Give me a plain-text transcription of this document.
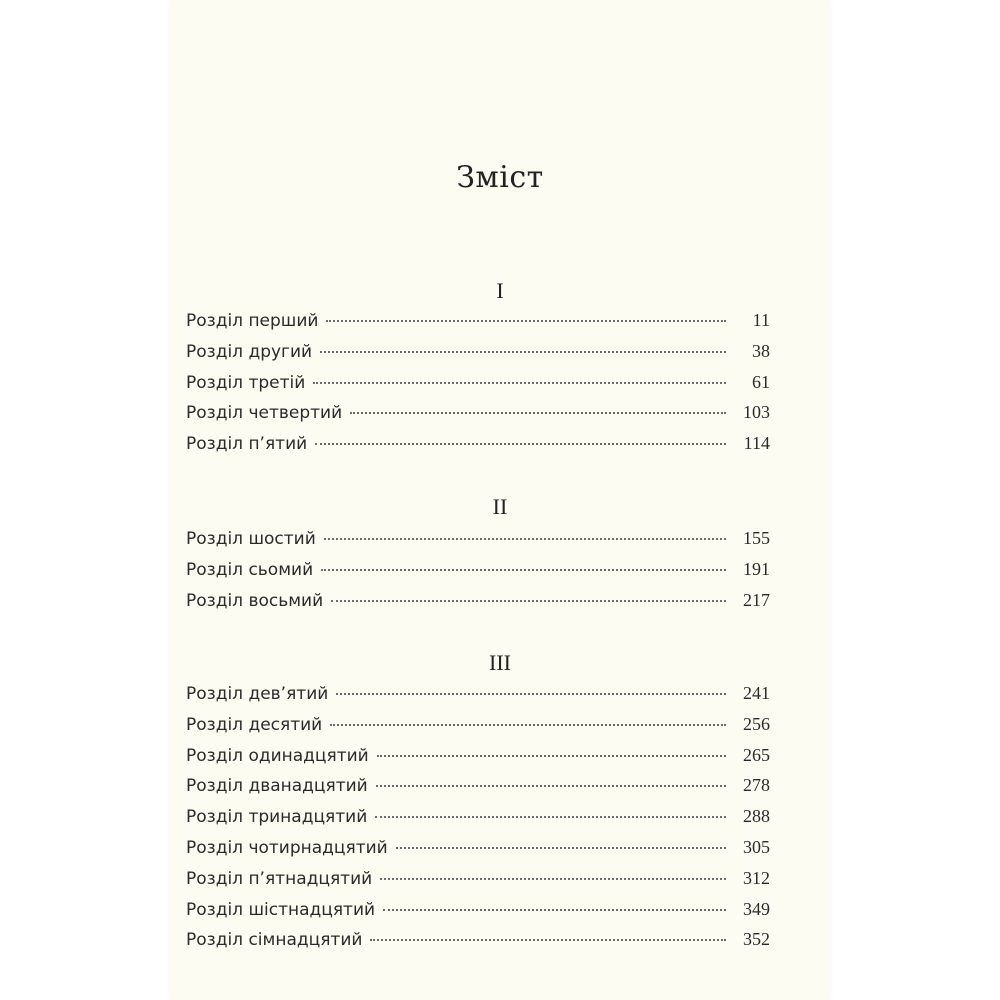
Зміст
I
Розділ перший	11
Розділ другий	38
Розділ третій	61
Розділ четвертий	103
Розділ п’ятий	114
II
Розділ шостий	155
Розділ сьомий	191
Розділ восьмий	217
III
Розділ дев’ятий	241
Розділ десятий	256
Розділ одинадцятий	265
Розділ дванадцятий	278
Розділ тринадцятий	288
Розділ чотирнадцятий	305
Розділ п’ятнадцятий	312
Розділ шістнадцятий	349
Розділ сімнадцятий	352
